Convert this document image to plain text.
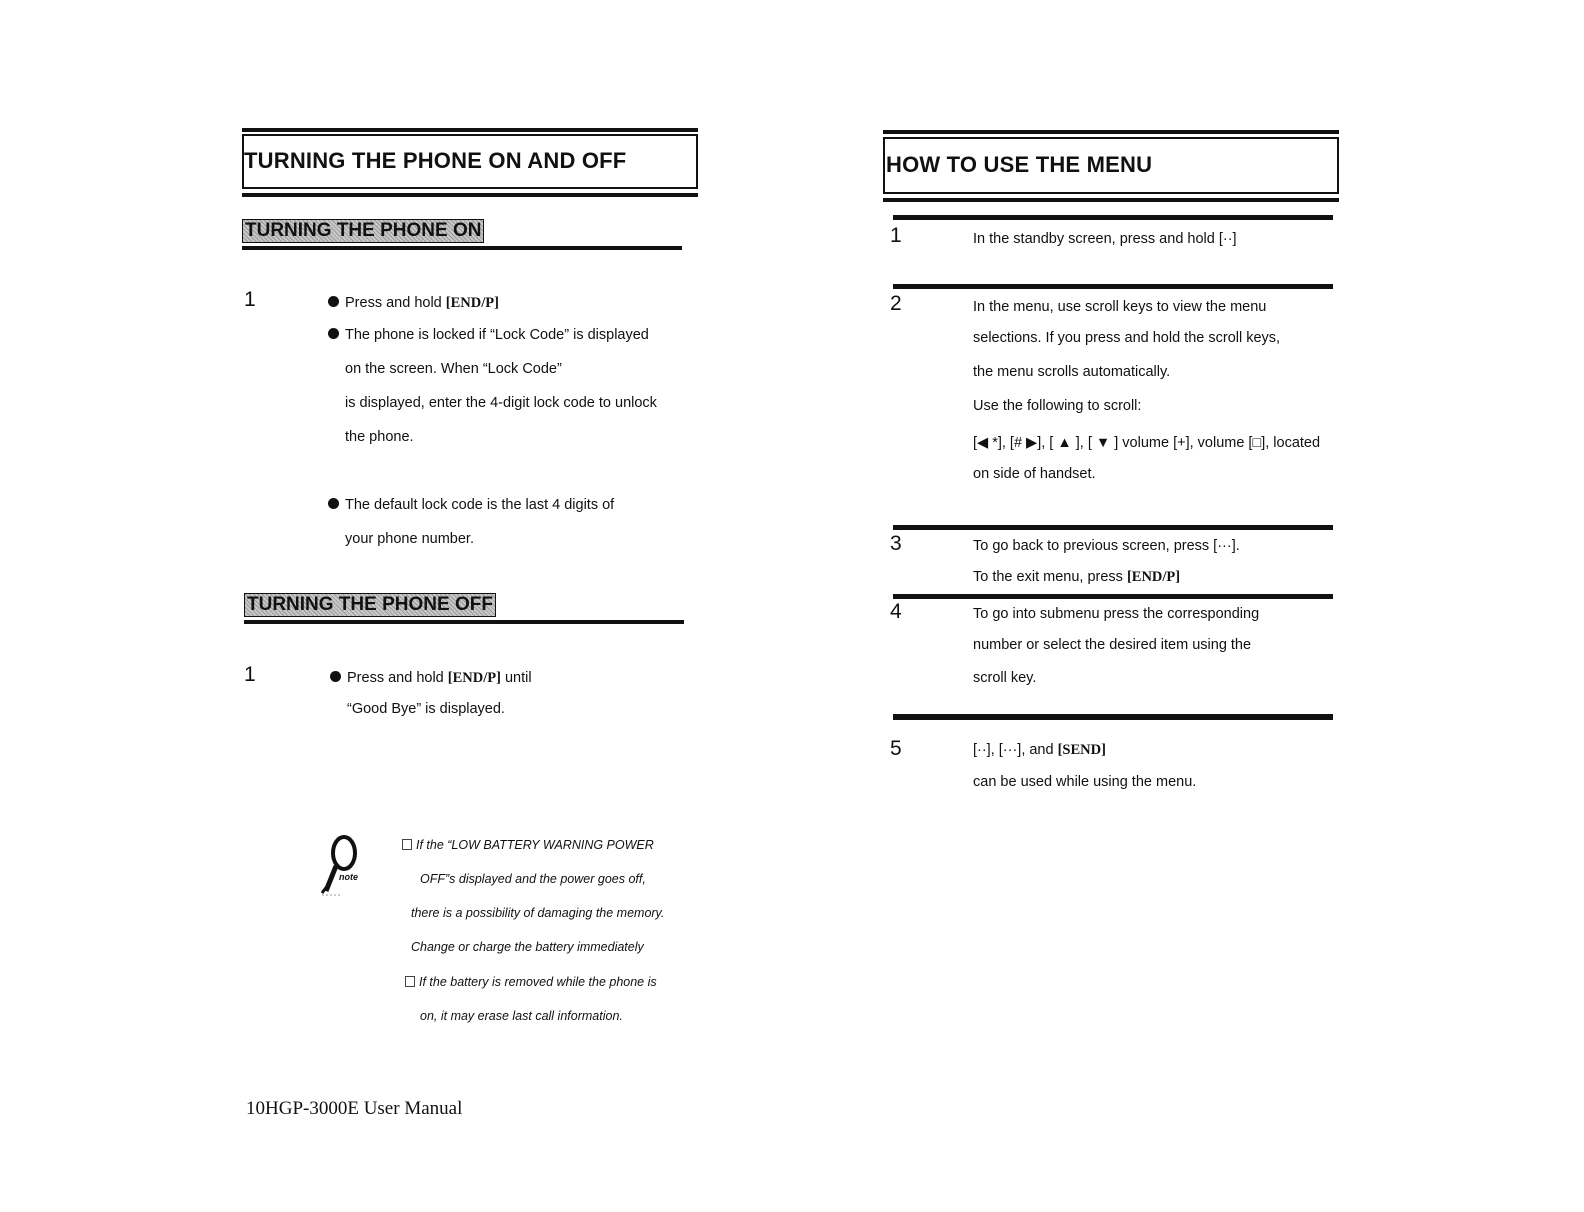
TURNING THE PHONE ON AND OFF
TURNING THE PHONE ON
1	Press and hold [END/P]
The phone is locked if “Lock Code” is displayed
on the screen. When “Lock Code”
is displayed, enter the 4-digit lock code to unlock
the phone.
The default lock code is the last 4 digits of
your phone number.
TURNING THE PHONE OFF
1	Press and hold [END/P] until
“Good Bye” is displayed.
note
If the “LOW BATTERY WARNING POWER
OFF”s displayed and the power goes off,
there is a possibility of damaging the memory.
Change or charge the battery immediately
If the battery is removed while the phone is
on, it may erase last call information.
10HGP-3000E User Manual
HOW TO USE THE MENU
1	In the standby screen, press and hold [··]
2	In the menu, use scroll keys to view the menu
selections. If you press and hold the scroll keys,
the menu scrolls automatically.
Use the following to scroll:
[◀ *], [# ▶], [ ▲ ], [ ▼ ] volume [+], volume [□], located
on side of handset.
3	To go back to previous screen, press [···].
To the exit menu, press [END/P]
4	To go into submenu press the corresponding
number or select the desired item using the
scroll key.
5	[··], [···], and [SEND]
can be used while using the menu.
